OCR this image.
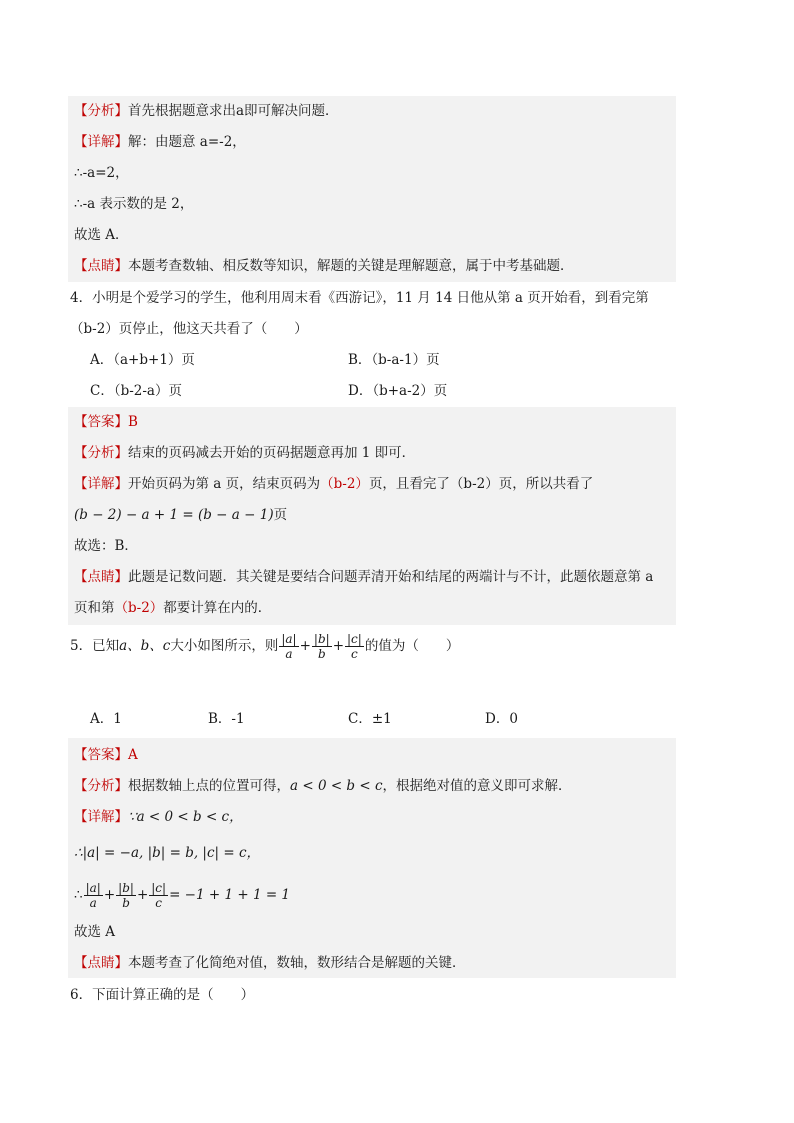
【分析】首先根据题意求出a即可解决问题．
【详解】解：由题意 a=-2，
∴-a=2，
∴-a 表示数的是 2，
故选 A．
【点睛】本题考查数轴、相反数等知识，解题的关键是理解题意，属于中考基础题．
4．小明是个爱学习的学生，他利用周末看《西游记》，11 月 14 日他从第 a 页开始看，到看完第
（b-2）页停止，他这天共看了（　　）
A．（a+b+1）页	B．（b-a-1）页
C．（b-2-a）页	D．（b+a-2）页
【答案】B
【分析】结束的页码减去开始的页码据题意再加 1 即可．
【详解】开始页码为第 a 页，结束页码为（b-2）页，且看完了（b-2）页，所以共看了
(b − 2) − a + 1 = (b − a − 1)页
故选：B．
【点睛】此题是记数问题．其关键是要结合问题弄清开始和结尾的两端计与不计，此题依题意第 a
页和第（b-2）都要计算在内的．
5．已知a、b、c大小如图所示，则 $\frac{|a|}{a} + \frac{|b|}{b} + \frac{|c|}{c}$ 的值为（　　）
A．1	B．-1	C．±1	D．0
【答案】A
【分析】根据数轴上点的位置可得，a < 0 < b < c，根据绝对值的意义即可求解．
【详解】∵a < 0 < b < c，
∴|a| = −a, |b| = b, |c| = c，
∴ $\frac{|a|}{a} + \frac{|b|}{b} + \frac{|c|}{c} = -1 + 1 + 1 = 1$
故选 A
【点睛】本题考查了化简绝对值，数轴，数形结合是解题的关键．
6．下面计算正确的是（　　）
